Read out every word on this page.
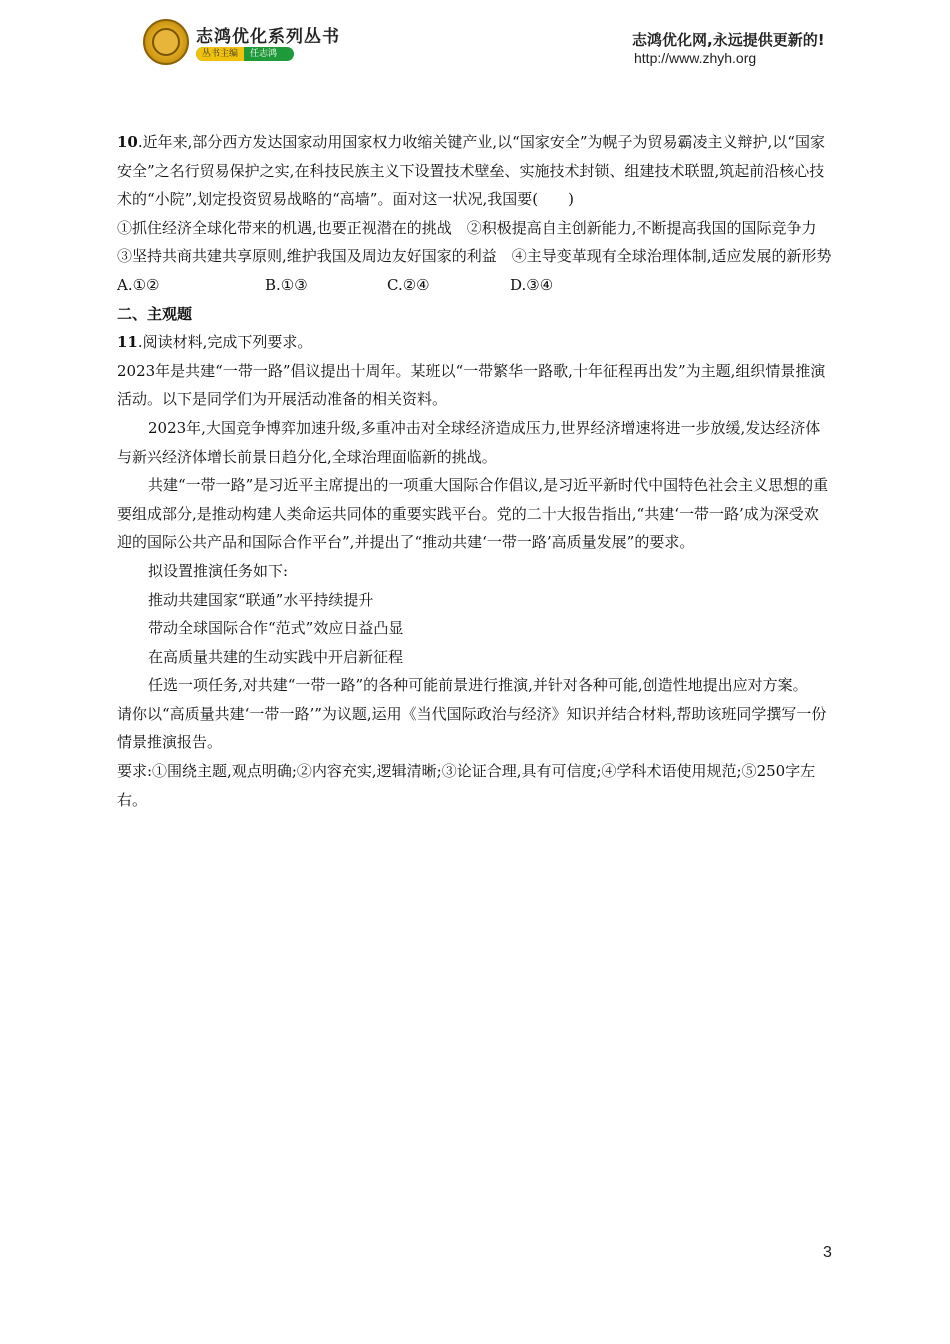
志鸿优化系列丛书
丛书主编	任志鸿
志鸿优化网,永远提供更新的!
http://www.zhyh.org

10.近年来,部分西方发达国家动用国家权力收缩关键产业,以“国家安全”为幌子为贸易霸凌主义辩护,以“国家安全”之名行贸易保护之实,在科技民族主义下设置技术壁垒、实施技术封锁、组建技术联盟,筑起前沿核心技术的“小院”,划定投资贸易战略的“高墙”。面对这一状况,我国要(　　)

①抓住经济全球化带来的机遇,也要正视潜在的挑战　②积极提高自主创新能力,不断提高我国的国际竞争力　③坚持共商共建共享原则,维护我国及周边友好国家的利益　④主导变革现有全球治理体制,适应发展的新形势

A.①②	B.①③	C.②④	D.③④

二、主观题

11.阅读材料,完成下列要求。

2023年是共建“一带一路”倡议提出十周年。某班以“一带繁华一路歌,十年征程再出发”为主题,组织情景推演活动。以下是同学们为开展活动准备的相关资料。

2023年,大国竞争博弈加速升级,多重冲击对全球经济造成压力,世界经济增速将进一步放缓,发达经济体与新兴经济体增长前景日趋分化,全球治理面临新的挑战。

共建“一带一路”是习近平主席提出的一项重大国际合作倡议,是习近平新时代中国特色社会主义思想的重要组成部分,是推动构建人类命运共同体的重要实践平台。党的二十大报告指出,“共建‘一带一路’成为深受欢迎的国际公共产品和国际合作平台”,并提出了“推动共建‘一带一路’高质量发展”的要求。

拟设置推演任务如下:

推动共建国家“联通”水平持续提升

带动全球国际合作“范式”效应日益凸显

在高质量共建的生动实践中开启新征程

任选一项任务,对共建“一带一路”的各种可能前景进行推演,并针对各种可能,创造性地提出应对方案。

请你以“高质量共建‘一带一路’”为议题,运用《当代国际政治与经济》知识并结合材料,帮助该班同学撰写一份情景推演报告。

要求:①围绕主题,观点明确;②内容充实,逻辑清晰;③论证合理,具有可信度;④学科术语使用规范;⑤250字左右。

3
